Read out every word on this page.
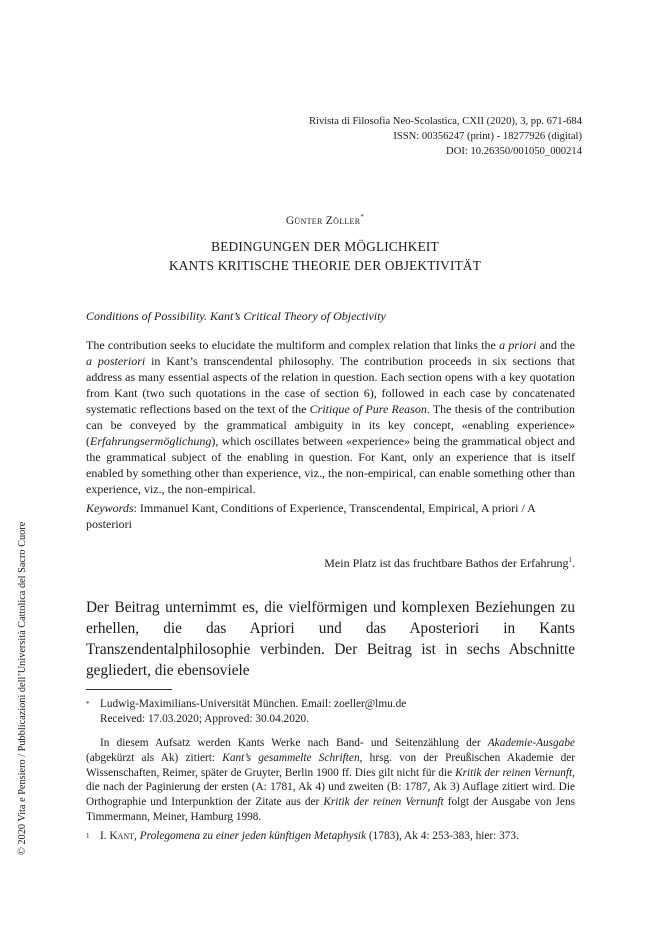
Rivista di Filosofia Neo-Scolastica, CXII (2020), 3, pp. 671-684
ISSN: 00356247 (print) - 18277926 (digital)
DOI: 10.26350/001050_000214
Günter Zöller*
BEDINGUNGEN DER MÖGLICHKEIT
KANTS KRITISCHE THEORIE DER OBJEKTIVITÄT
Conditions of Possibility. Kant’s Critical Theory of Objectivity

The contribution seeks to elucidate the multiform and complex relation that links the a priori and the a posteriori in Kant’s transcendental philosophy. The contribution proceeds in six sections that address as many essential aspects of the relation in question. Each section opens with a key quotation from Kant (two such quotations in the case of section 6), followed in each case by concatenated systematic reflections based on the text of the Critique of Pure Reason. The thesis of the contribution can be conveyed by the grammatical ambiguity in its key concept, «enabling experience» (Erfahrungsermöglichung), which oscillates between «experience» being the grammatical object and the grammatical subject of the enabling in question. For Kant, only an experience that is itself enabled by something other than experience, viz., the non-empirical, can enable something other than experience, viz., the non-empirical.

Keywords: Immanuel Kant, Conditions of Experience, Transcendental, Empirical, A priori / A posteriori

Mein Platz ist das fruchtbare Bathos der Erfahrung$^1$.

Der Beitrag unternimmt es, die vielförmigen und komplexen Beziehungen zu erhellen, die das Apriori und das Aposteriori in Kants Transzendentalphilosophie verbinden. Der Beitrag ist in sechs Abschnitte gegliedert, die ebensoviele

* Ludwig-Maximilians-Universität München. Email: zoeller@lmu.de
Received: 17.03.2020; Approved: 30.04.2020.

In diesem Aufsatz werden Kants Werke nach Band- und Seitenzählung der Akademie-Ausgabe (abgekürzt als Ak) zitiert: Kant’s gesammelte Schriften, hrsg. von der Preußischen Akademie der Wissenschaften, Reimer, später de Gruyter, Berlin 1900 ff. Dies gilt nicht für die Kritik der reinen Vernunft, die nach der Paginierung der ersten (A: 1781, Ak 4) und zweiten (B: 1787, Ak 3) Auflage zitiert wird. Die Orthographie und Interpunktion der Zitate aus der Kritik der reinen Vernunft folgt der Ausgabe von Jens Timmermann, Meiner, Hamburg 1998.

1 I. Kant, Prolegomena zu einer jeden künftigen Metaphysik (1783), Ak 4: 253-383, hier: 373.
© 2020 Vita e Pensiero / Pubblicazioni dell’Università Cattolica del Sacro Cuore
